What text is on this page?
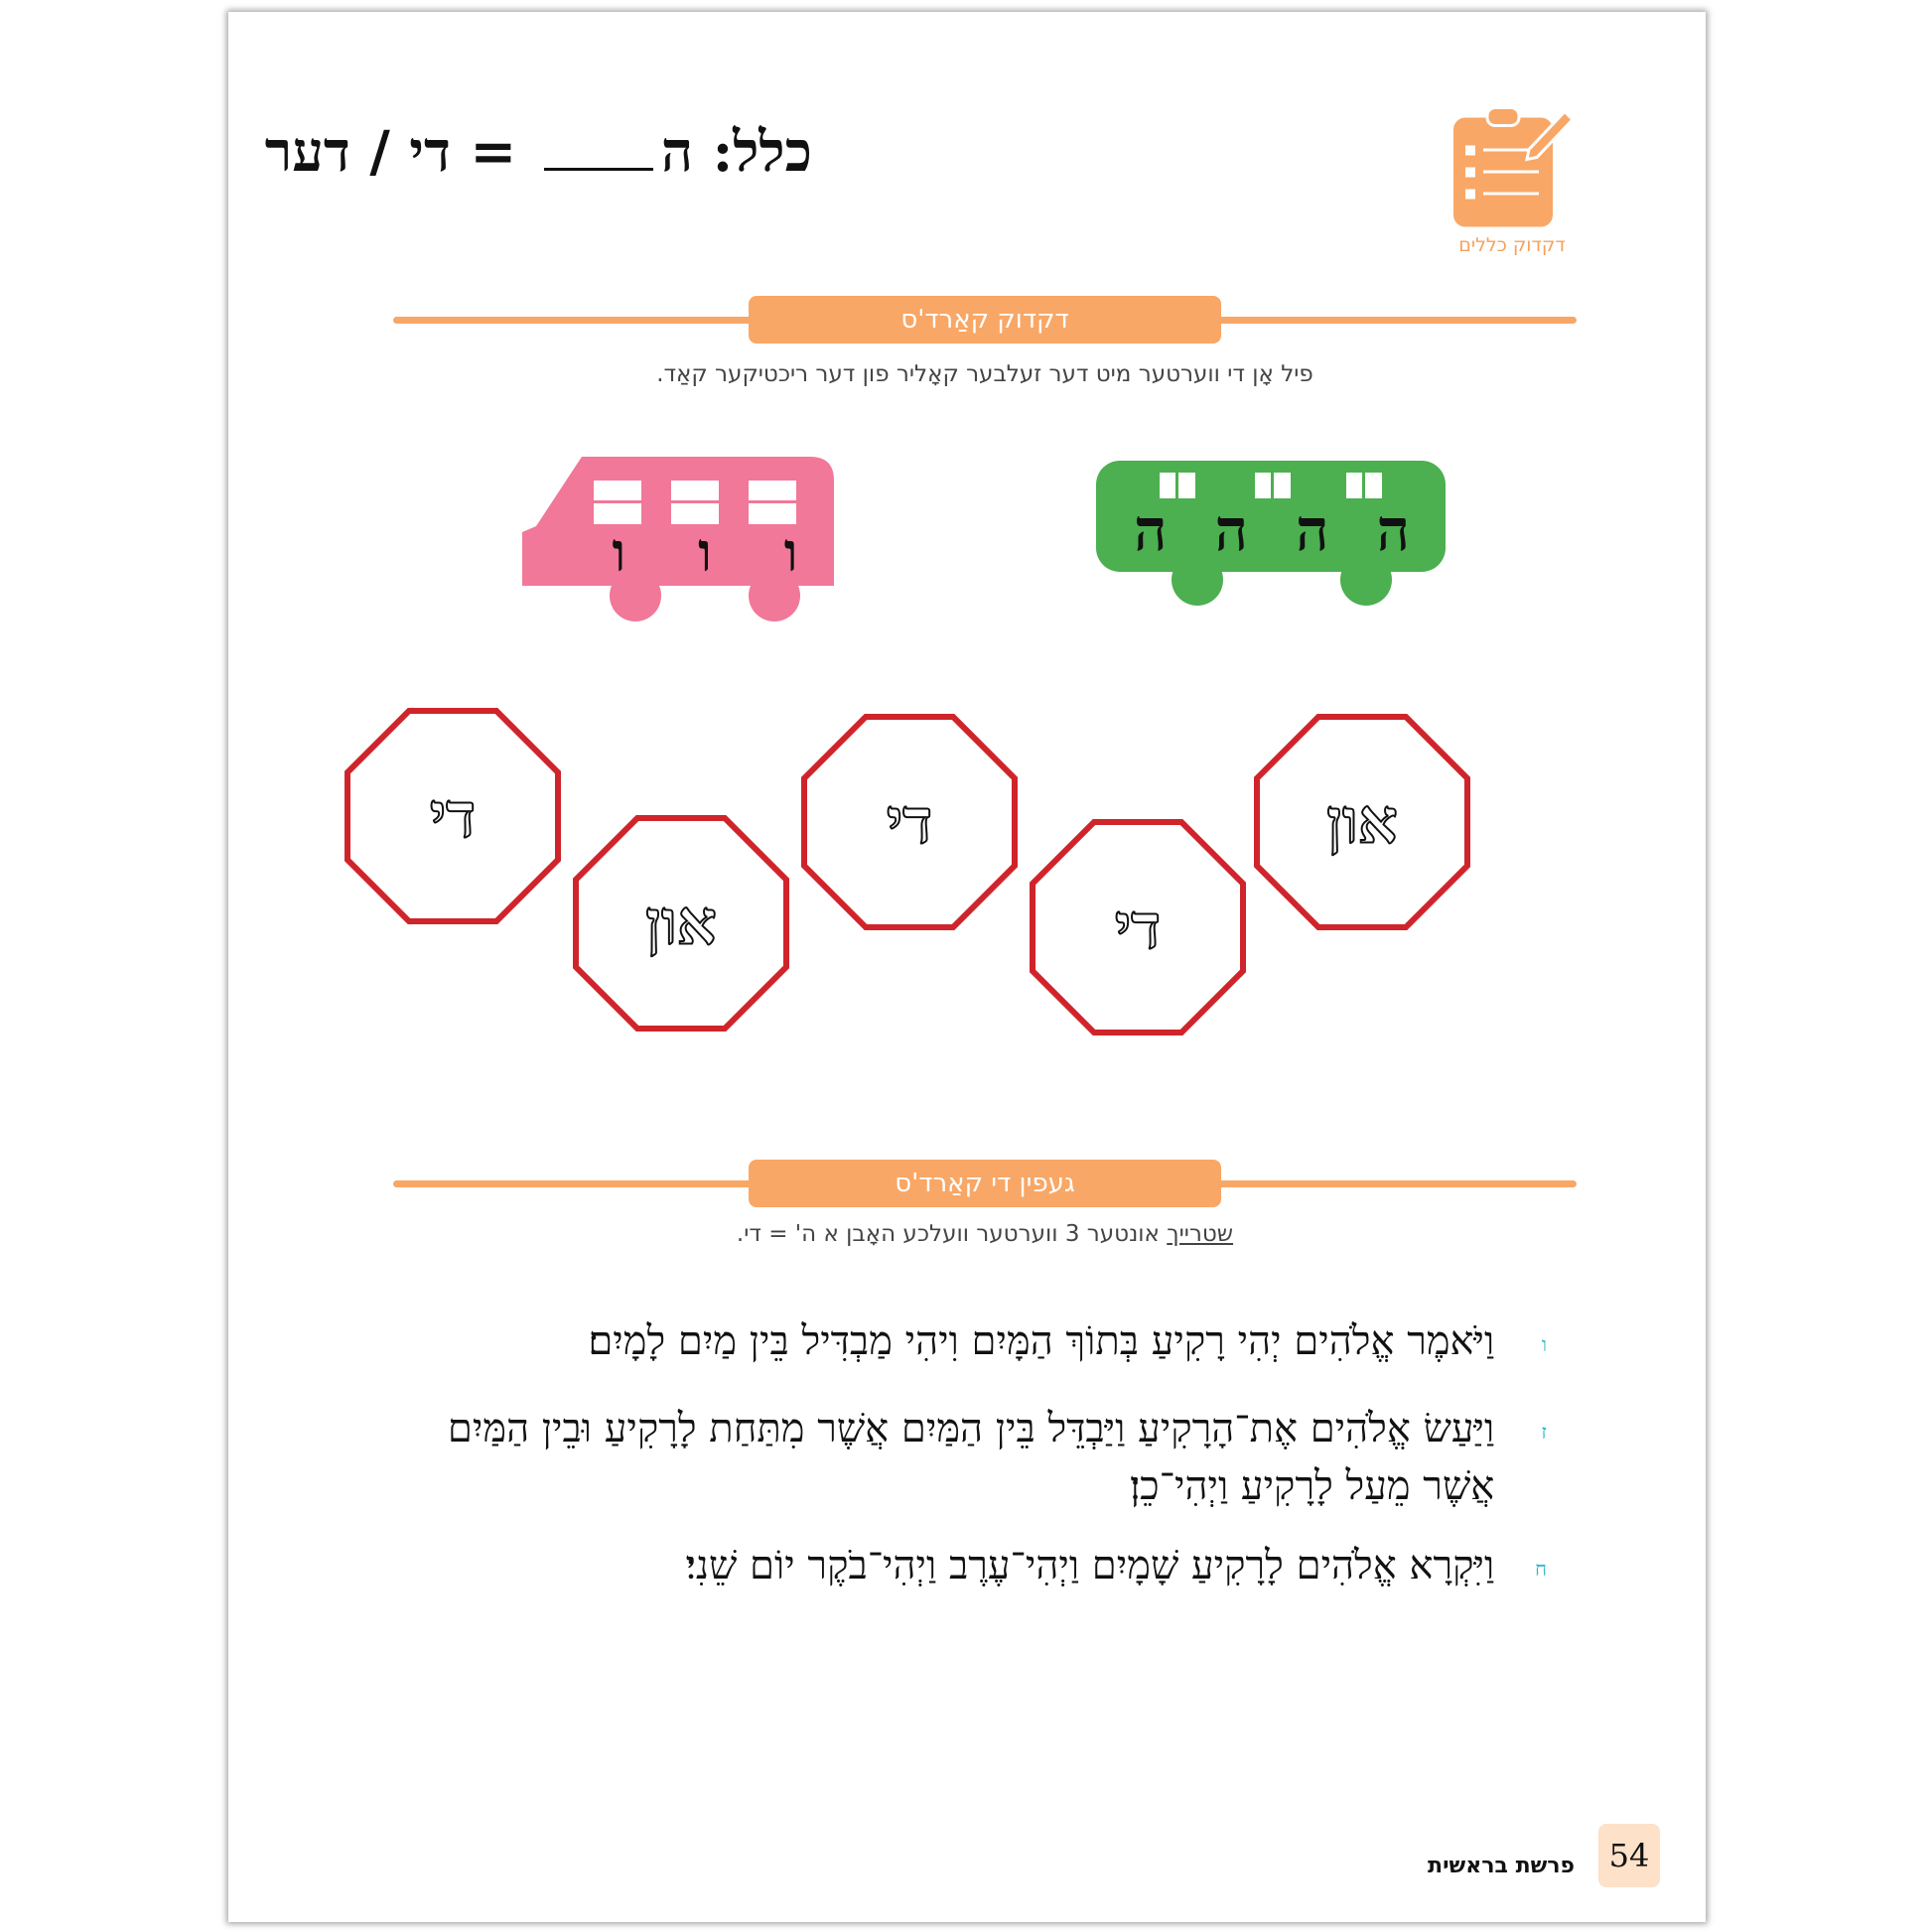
כלל: ה = די / דער
דקדוק כללים
דקדוק קאַרד'ס
פיל אָן די ווערטער מיט דער זעלבער קאָליר פון דער ריכטיקער קאַד.
ה
ה
ה
ה
ו
ו
ו
די
און
די
די
און
געפין די קאַרד'ס
שטרייך אונטער 3 ווערטער וועלכע האָבן א ה' = די.
ו וַיֹּאמֶר אֱלֹהִים יְהִי רָקִיעַ בְּתוֹךְ הַמָּיִם וִיהִי מַבְדִּיל בֵּין מַיִם לָמָיִם׃
ז וַיַּעַשׂ אֱלֹהִים אֶת־הָרָקִיעַ וַיַּבְדֵּל בֵּין הַמַּיִם אֲשֶׁר מִתַּחַת לָרָקִיעַ וּבֵין הַמַּיִם אֲשֶׁר מֵעַל לָרָקִיעַ וַיְהִי־כֵן׃
ח וַיִּקְרָא אֱלֹהִים לָרָקִיעַ שָׁמָיִם וַיְהִי־עֶרֶב וַיְהִי־בֹקֶר יוֹם שֵׁנִי׃
פרשת בראשית	54
